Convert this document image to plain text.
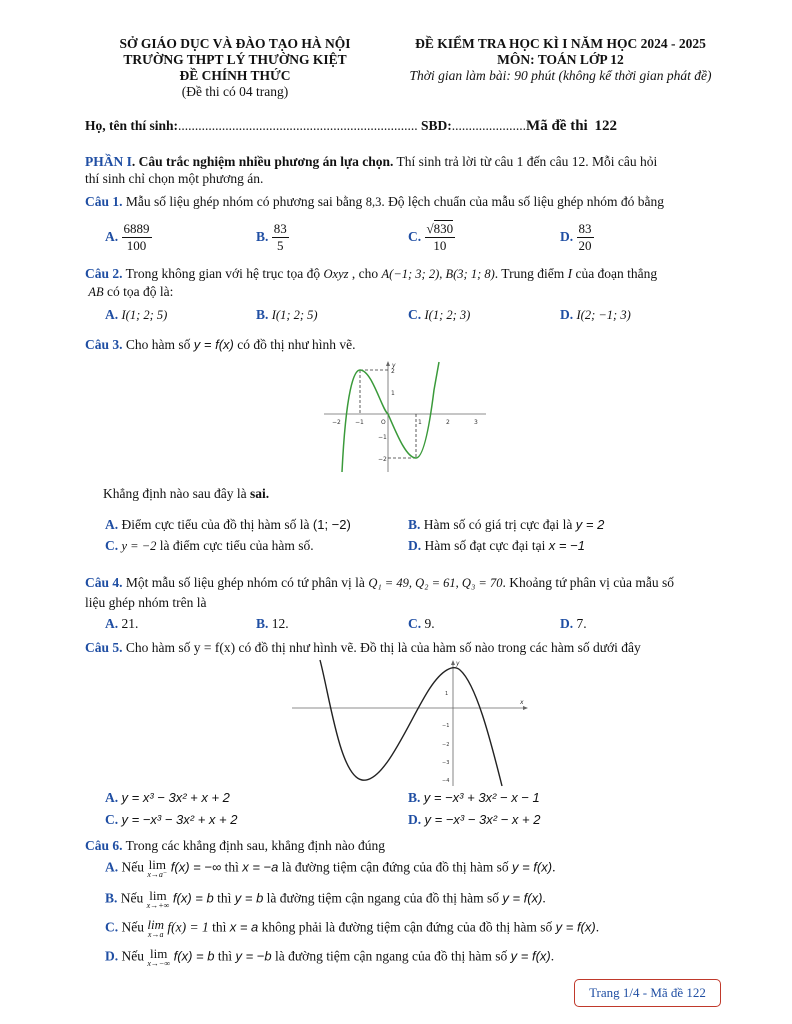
SỞ GIÁO DỤC VÀ ĐÀO TẠO HÀ NỘI
TRƯỜNG THPT LÝ THƯỜNG KIỆT
ĐỀ CHÍNH THỨC
(Đề thi có 04 trang)
ĐỀ KIỂM TRA HỌC KÌ I NĂM HỌC 2024 - 2025
MÔN: TOÁN LỚP 12
Thời gian làm bài: 90 phút (không kể thời gian phát đề)
Họ, tên thí sinh:....................................................................... SBD:......................Mã đề thi 122
PHẦN I. Câu trắc nghiệm nhiều phương án lựa chọn. Thí sinh trả lời từ câu 1 đến câu 12. Mỗi câu hỏi
thí sinh chỉ chọn một phương án.
Câu 1. Mẫu số liệu ghép nhóm có phương sai bằng 8,3. Độ lệch chuẩn của mẫu số liệu ghép nhóm đó bằng
A. $\frac{6889}{100}$	B. $\frac{83}{5}$	C. $\frac{√830}{10}$	D. $\frac{83}{20}$
Câu 2. Trong không gian với hệ trục tọa độ Oxyz , cho A(−1; 3; 2), B(3; 1; 8). Trung điểm I của đoạn thẳng
AB có tọa độ là:
A. I(1; 2; 5)	B. I(1; 2; 5)	C. I(1; 2; 3)	D. I(2; −1; 3)
Câu 3. Cho hàm số y = f(x) có đồ thị như hình vẽ.
−2 −1	O	1	2	3
2
1
−1
−2
y
Khẳng định nào sau đây là sai.
A. Điểm cực tiểu của đồ thị hàm số là (1; −2)	B. Hàm số có giá trị cực đại là y = 2
C. y = −2 là điểm cực tiểu của hàm số.	D. Hàm số đạt cực đại tại x = −1
Câu 4. Một mẫu số liệu ghép nhóm có tứ phân vị là Q₁ = 49, Q₂ = 61, Q₃ = 70. Khoảng tứ phân vị của mẫu số
liệu ghép nhóm trên là
A. 21.	B. 12.	C. 9.	D. 7.
Câu 5. Cho hàm số y = f(x) có đồ thị như hình vẽ. Đồ thị là của hàm số nào trong các hàm số dưới đây
x
y
1
−1
−2
−3
−4
A. y = x³ − 3x² + x + 2	B. y = −x³ + 3x² − x − 1
C. y = −x³ − 3x² + x + 2	D. y = −x³ − 3x² − x + 2
Câu 6. Trong các khẳng định sau, khẳng định nào đúng
A. Nếu lim
x→a⁻ f(x) = −∞ thì x = −a là đường tiệm cận đứng của đồ thị hàm số y = f(x).
B. Nếu lim
x→+∞ f(x) = b thì y = b là đường tiệm cận ngang của đồ thị hàm số y = f(x).
C. Nếu lim
x→a f(x) = 1 thì x = a không phải là đường tiệm cận đứng của đồ thị hàm số y = f(x).
D. Nếu lim
x→−∞ f(x) = b thì y = −b là đường tiệm cận ngang của đồ thị hàm số y = f(x).
Trang 1/4 - Mã đề 122
